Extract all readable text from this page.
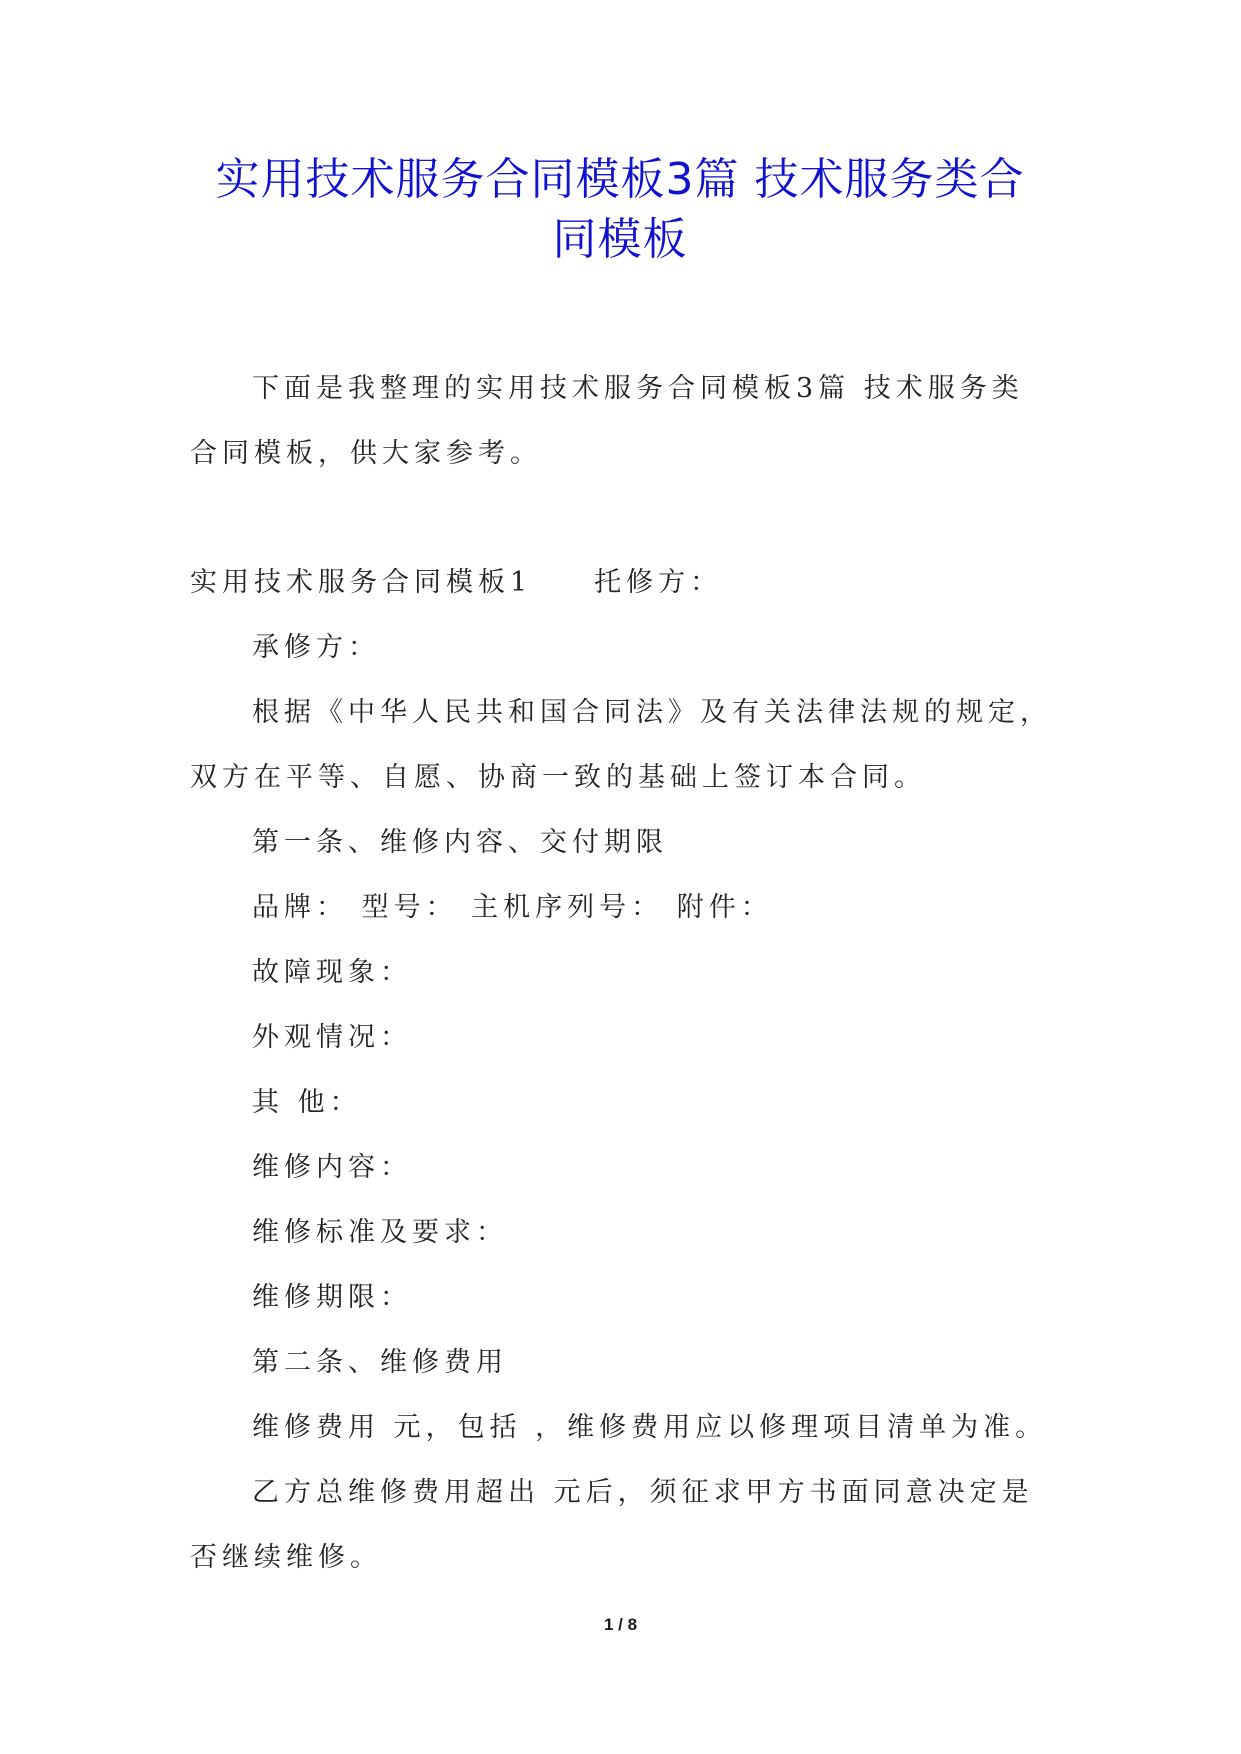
实用技术服务合同模板3篇 技术服务类合
同模板

下面是我整理的实用技术服务合同模板3篇 技术服务类合同模板，供大家参考。

实用技术服务合同模板1 托修方：

承修方：

根据《中华人民共和国合同法》及有关法律法规的规定，双方在平等、自愿、协商一致的基础上签订本合同。

第一条、维修内容、交付期限

品牌： 型号： 主机序列号： 附件：

故障现象：

外观情况：

其 他：

维修内容：

维修标准及要求：

维修期限：

第二条、维修费用

维修费用 元，包括 ，维修费用应以修理项目清单为准。

乙方总维修费用超出 元后，须征求甲方书面同意决定是否继续维修。

1 / 8
